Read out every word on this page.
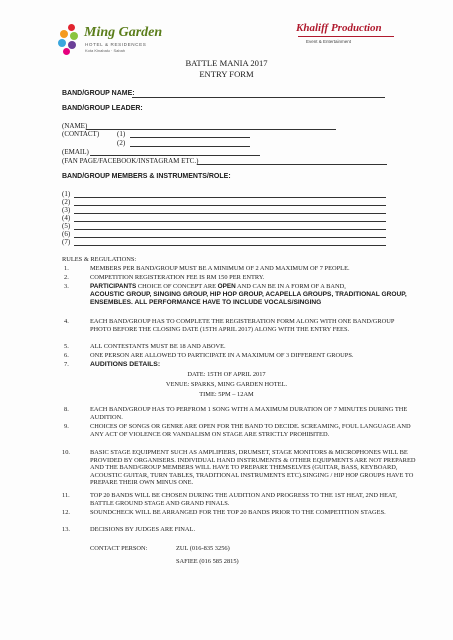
Ming Garden
HOTEL & RESIDENCES
Kota Kinabalu · Sabah
Khaliff Production
Event & Entertainment
BATTLE MANIA 2017
ENTRY FORM
BAND/GROUP NAME:
BAND/GROUP LEADER:
(NAME)
(CONTACT)	(1)
(2)
(EMAIL)
(FAN PAGE/FACEBOOK/INSTAGRAM ETC.)
BAND/GROUP MEMBERS & INSTRUMENTS/ROLE:
(1)
(2)
(3)
(4)
(5)
(6)
(7)
RULES & REGULATIONS:
1.	MEMBERS PER BAND/GROUP MUST BE A MINIMUM OF 2 AND MAXIMUM OF 7 PEOPLE.
2.	COMPETITION REGISTERATION FEE IS RM 150 PER ENTRY.
3.	PARTICIPANTS CHOICE OF CONCEPT ARE OPEN AND CAN BE IN A FORM OF A BAND,
ACOUSTIC GROUP, SINGING GROUP, HIP HOP GROUP, ACAPELLA GROUPS, TRADITIONAL GROUP, ENSEMBLES. ALL PERFORMANCE HAVE TO INCLUDE VOCALS/SINGING
4.	EACH BAND/GROUP HAS TO COMPLETE THE REGISTERATION FORM ALONG WITH ONE BAND/GROUP PHOTO BEFORE THE CLOSING DATE (15TH APRIL 2017) ALONG WITH THE ENTRY FEES.
5.	ALL CONTESTANTS MUST BE 18 AND ABOVE.
6.	ONE PERSON ARE ALLOWED TO PARTICIPATE IN A MAXIMUM OF 3 DIFFERENT GROUPS.
7.	AUDITIONS DETAILS:
DATE: 15TH OF APRIL 2017
VENUE: SPARKS, MING GARDEN HOTEL.
TIME: 5PM – 12AM
8.	EACH BAND/GROUP HAS TO PERFROM 1 SONG WITH A MAXIMUM DURATION OF 7 MINUTES DURING THE AUDITION.
9.	CHOICES OF SONGS OR GENRE ARE OPEN FOR THE BAND TO DECIDE. SCREAMING, FOUL LANGUAGE AND ANY ACT OF VIOLENCE OR VANDALISM ON STAGE ARE STRICTLY PROHIBITED.
10.	BASIC STAGE EQUIPMENT SUCH AS AMPLIFIERS, DRUMSET, STAGE MONITORS & MICROPHONES WILL BE PROVIDED BY ORGANISERS. INDIVIDUAL HAND INSTRUMENTS & OTHER EQUIPMENTS ARE NOT PREPARED AND THE BAND/GROUP MEMBERS WILL HAVE TO PREPARE THEMSELVES (GUITAR, BASS, KEYBOARD, ACOUSTIC GUITAR, TURN TABLES, TRADITIONAL INSTRUMENTS ETC).SINGING / HIP HOP GROUPS HAVE TO PREPARE THEIR OWN MINUS ONE.
11.	TOP 20 BANDS WILL BE CHOSEN DURING THE AUDITION AND PROGRESS TO THE 1ST HEAT, 2ND HEAT, BATTLE GROUND STAGE AND GRAND FINALS.
12.	SOUNDCHECK WILL BE ARRANGED FOR THE TOP 20 BANDS PRIOR TO THE COMPETITION STAGES.
13.	DECISIONS BY JUDGES ARE FINAL.
CONTACT PERSON:	ZUL (016-835 3256)
SAFIEE (016 585 2815)
